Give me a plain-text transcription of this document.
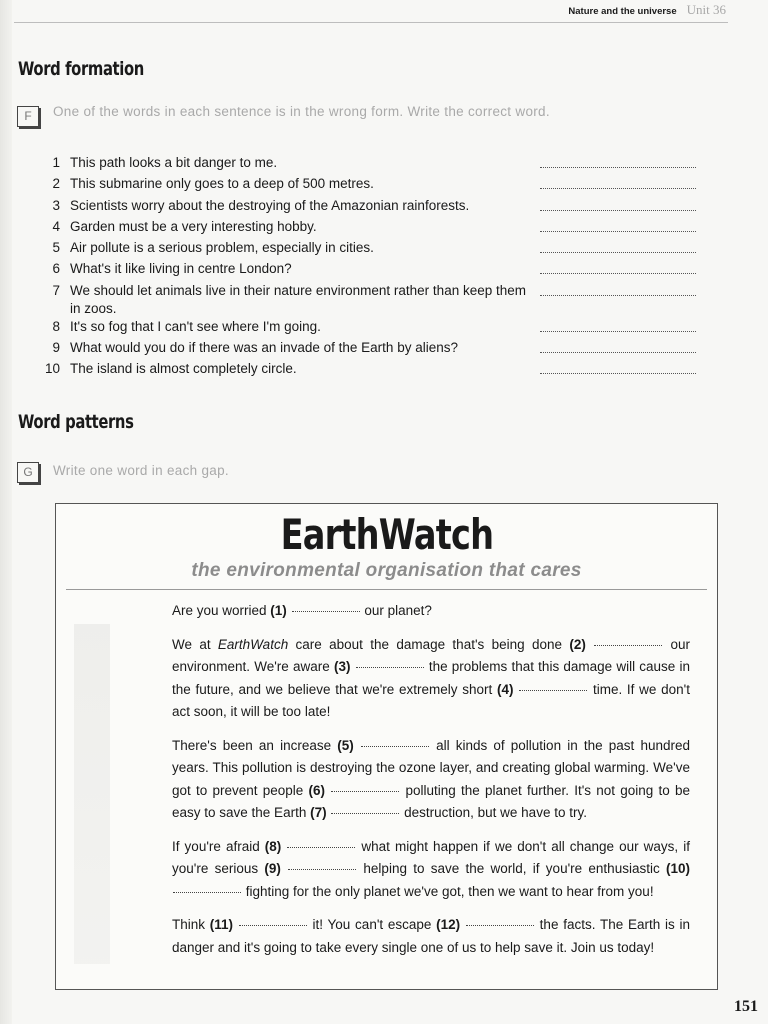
Nature and the universe Unit 36
Word formation
F	One of the words in each sentence is in the wrong form. Write the correct word.
1 This path looks a bit danger to me.
2 This submarine only goes to a deep of 500 metres.
3 Scientists worry about the destroying of the Amazonian rainforests.
4 Garden must be a very interesting hobby.
5 Air pollute is a serious problem, especially in cities.
6 What's it like living in centre London?
7 We should let animals live in their nature environment rather than keep them in zoos.
8 It's so fog that I can't see where I'm going.
9 What would you do if there was an invade of the Earth by aliens?
10 The island is almost completely circle.
Word patterns
G	Write one word in each gap.
EarthWatch
the environmental organisation that cares

Are you worried (1)	our planet?

We at EarthWatch care about the damage that's being done (2)	our environment. We're aware (3)	the problems that this damage will cause in the future, and we believe that we're extremely short (4)	time. If we don't act soon, it will be too late!

There's been an increase (5)	all kinds of pollution in the past hundred years. This pollution is destroying the ozone layer, and creating global warming. We've got to prevent people (6)	polluting the planet further. It's not going to be easy to save the Earth (7)	destruction, but we have to try.

If you're afraid (8)	what might happen if we don't all change our ways, if you're serious (9)	helping to save the world, if you're enthusiastic (10)  fighting for the only planet we've got, then we want to hear from you!

Think (11)	it! You can't escape (12)	the facts. The Earth is in danger and it's going to take every single one of us to help save it. Join us today!

151
